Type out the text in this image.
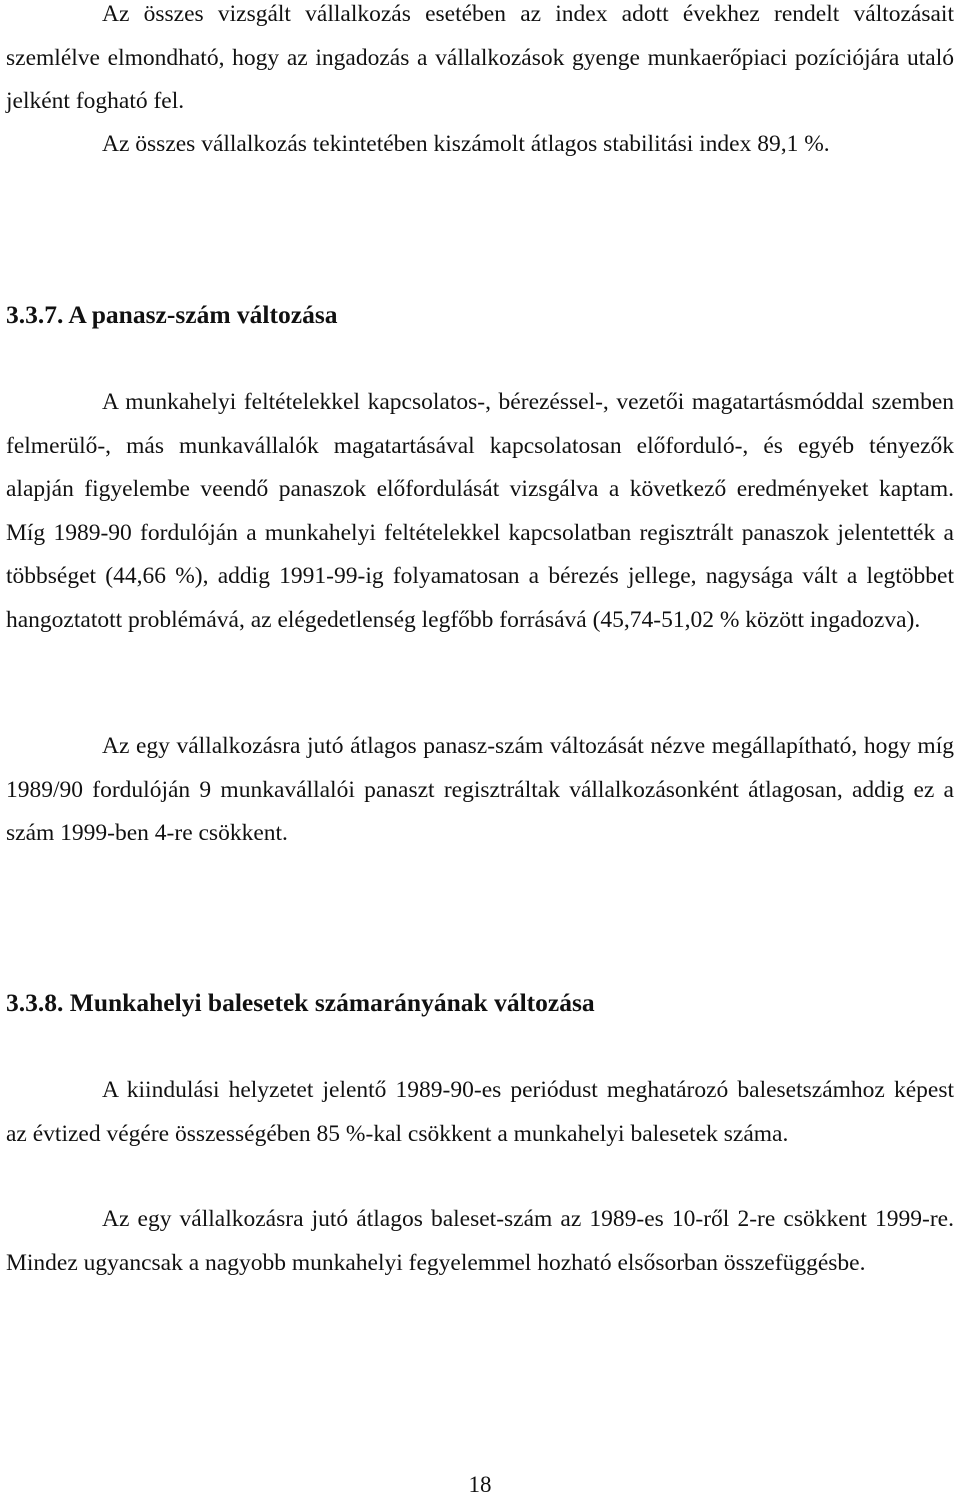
Az összes vizsgált vállalkozás esetében az index adott évekhez rendelt változásait szemlélve elmondható, hogy az ingadozás a vállalkozások gyenge munkaerőpiaci pozíciójára utaló jelként fogható fel.

Az összes vállalkozás tekintetében kiszámolt átlagos stabilitási index 89,1 %.

3.3.7. A panasz-szám változása

A munkahelyi feltételekkel kapcsolatos-, bérezéssel-, vezetői magatartásmóddal szemben felmerülő-, más munkavállalók magatartásával kapcsolatosan előforduló-, és egyéb tényezők alapján figyelembe veendő panaszok előfordulását vizsgálva a következő eredményeket kaptam. Míg 1989-90 fordulóján a munkahelyi feltételekkel kapcsolatban regisztrált panaszok jelentették a többséget (44,66 %), addig 1991-99-ig folyamatosan a bérezés jellege, nagysága vált a legtöbbet hangoztatott problémává, az elégedetlenség legfőbb forrásává (45,74-51,02 % között ingadozva).

Az egy vállalkozásra jutó átlagos panasz-szám változását nézve megállapítható, hogy míg 1989/90 fordulóján 9 munkavállalói panaszt regisztráltak vállalkozásonként átlagosan, addig ez a szám 1999-ben 4-re csökkent.

3.3.8. Munkahelyi balesetek számarányának változása

A kiindulási helyzetet jelentő 1989-90-es periódust meghatározó balesetszámhoz képest az évtized végére összességében 85 %-kal csökkent a munkahelyi balesetek száma.

Az egy vállalkozásra jutó átlagos baleset-szám az 1989-es 10-ről 2-re csökkent 1999-re. Mindez ugyancsak a nagyobb munkahelyi fegyelemmel hozható elsősorban összefüggésbe.

18
